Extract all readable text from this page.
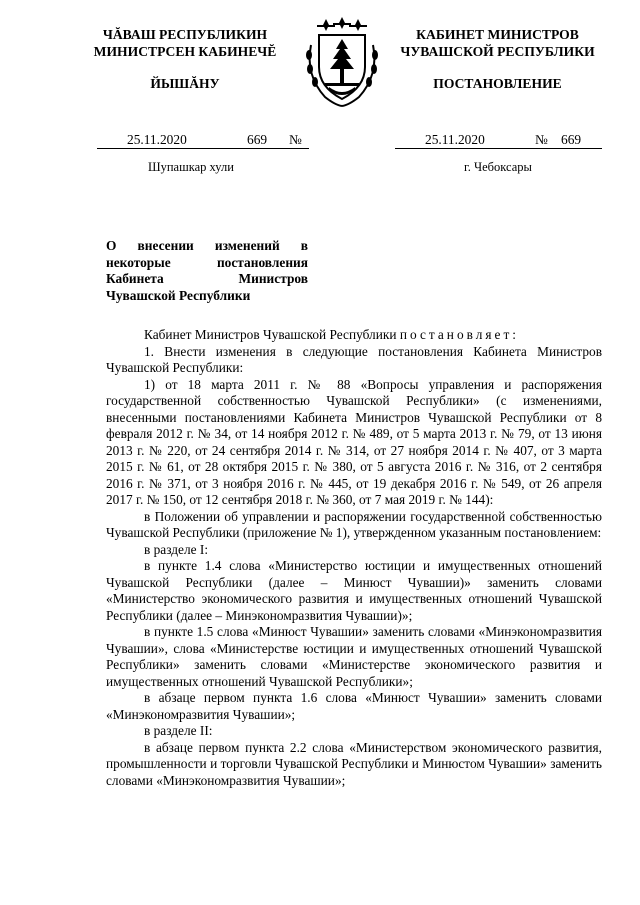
ЧĂВАШ РЕСПУБЛИКИН
МИНИСТРСЕН КАБИНЕЧĔ
ЙЫШĂНУ
КАБИНЕТ МИНИСТРОВ
ЧУВАШСКОЙ РЕСПУБЛИКИ
ПОСТАНОВЛЕНИЕ
25.11.2020	669 №	25.11.2020	№ 669
Шупашкар хули	г. Чебоксары
О внесении изменений в некоторые постановления Кабинета Министров Чувашской Республики

Кабинет Министров Чувашской Республики постановляет:

1. Внести изменения в следующие постановления Кабинета Министров Чувашской Республики:

1) от 18 марта 2011 г. № 88 «Вопросы управления и распоряжения государственной собственностью Чувашской Республики» (с изменениями, внесенными постановлениями Кабинета Министров Чувашской Республики от 8 февраля 2012 г. № 34, от 14 ноября 2012 г. № 489, от 5 марта 2013 г. № 79, от 13 июня 2013 г. № 220, от 24 сентября 2014 г. № 314, от 27 ноября 2014 г. № 407, от 3 марта 2015 г. № 61, от 28 октября 2015 г. № 380, от 5 августа 2016 г. № 316, от 2 сентября 2016 г. № 371, от 3 ноября 2016 г. № 445, от 19 декабря 2016 г. № 549, от 26 апреля 2017 г. № 150, от 12 сентября 2018 г. № 360, от 7 мая 2019 г. № 144):

в Положении об управлении и распоряжении государственной собственностью Чувашской Республики (приложение № 1), утвержденном указанным постановлением:

в разделе I:

в пункте 1.4 слова «Министерство юстиции и имущественных отношений Чувашской Республики (далее – Минюст Чувашии)» заменить словами «Министерство экономического развития и имущественных отношений Чувашской Республики (далее – Минэкономразвития Чувашии)»;

в пункте 1.5 слова «Минюст Чувашии» заменить словами «Минэкономразвития Чувашии», слова «Министерстве юстиции и имущественных отношений Чувашской Республики» заменить словами «Министерстве экономического развития и имущественных отношений Чувашской Республики»;

в абзаце первом пункта 1.6 слова «Минюст Чувашии» заменить словами «Минэкономразвития Чувашии»;

в разделе II:

в абзаце первом пункта 2.2 слова «Министерством экономического развития, промышленности и торговли Чувашской Республики и Минюстом Чувашии» заменить словами «Минэкономразвития Чувашии»;
